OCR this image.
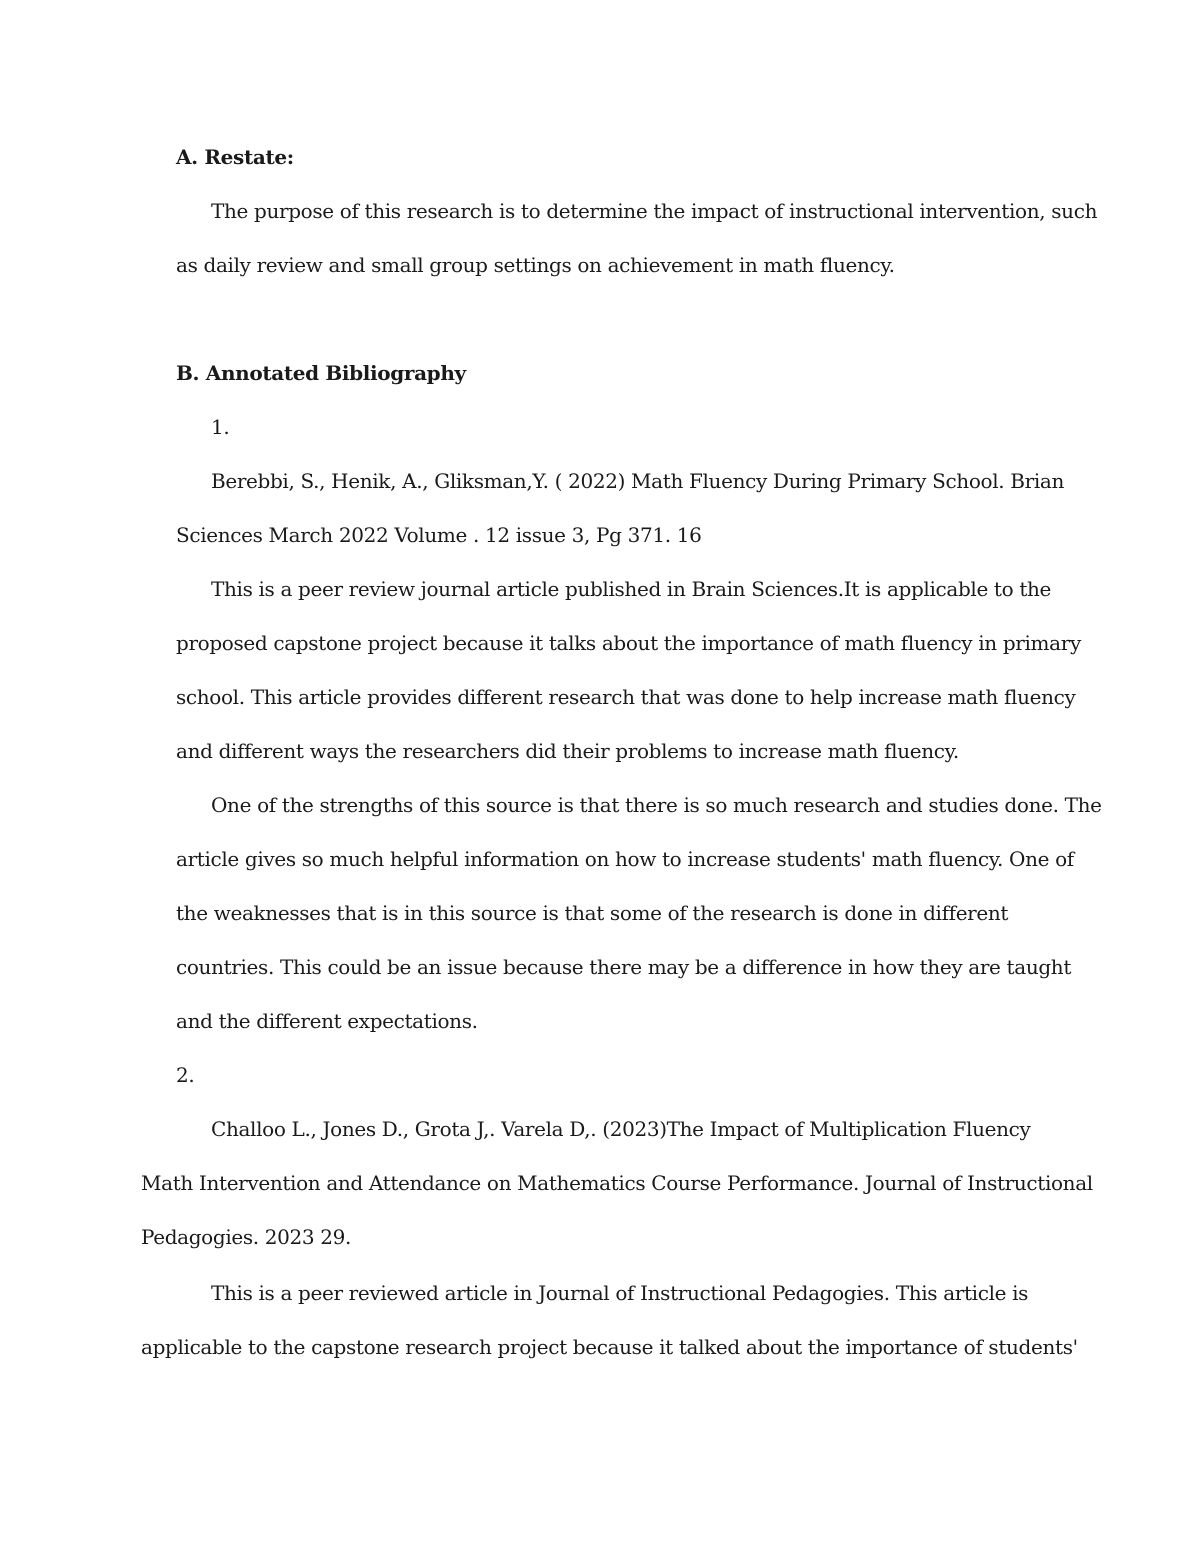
A. Restate:

The purpose of this research is to determine the impact of instructional intervention, such

as daily review and small group settings on achievement in math fluency.

B. Annotated Bibliography

1.

Berebbi, S., Henik, A., Gliksman,Y. ( 2022) Math Fluency During Primary School. Brian

Sciences March 2022 Volume . 12 issue 3, Pg 371. 16

This is a peer review journal article published in Brain Sciences.It is applicable to the

proposed capstone project because it talks about the importance of math fluency in primary

school. This article provides different research that was done to help increase math fluency

and different ways the researchers did their problems to increase math fluency.

One of the strengths of this source is that there is so much research and studies done. The

article gives so much helpful information on how to increase students' math fluency. One of

the weaknesses that is in this source is that some of the research is done in different

countries. This could be an issue because there may be a difference in how they are taught

and the different expectations.

2.

Challoo L., Jones D., Grota J,. Varela D,. (2023)The Impact of Multiplication Fluency

Math Intervention and Attendance on Mathematics Course Performance. Journal of Instructional

Pedagogies. 2023 29.

This is a peer reviewed article in Journal of Instructional Pedagogies. This article is

applicable to the capstone research project because it talked about the importance of students'
